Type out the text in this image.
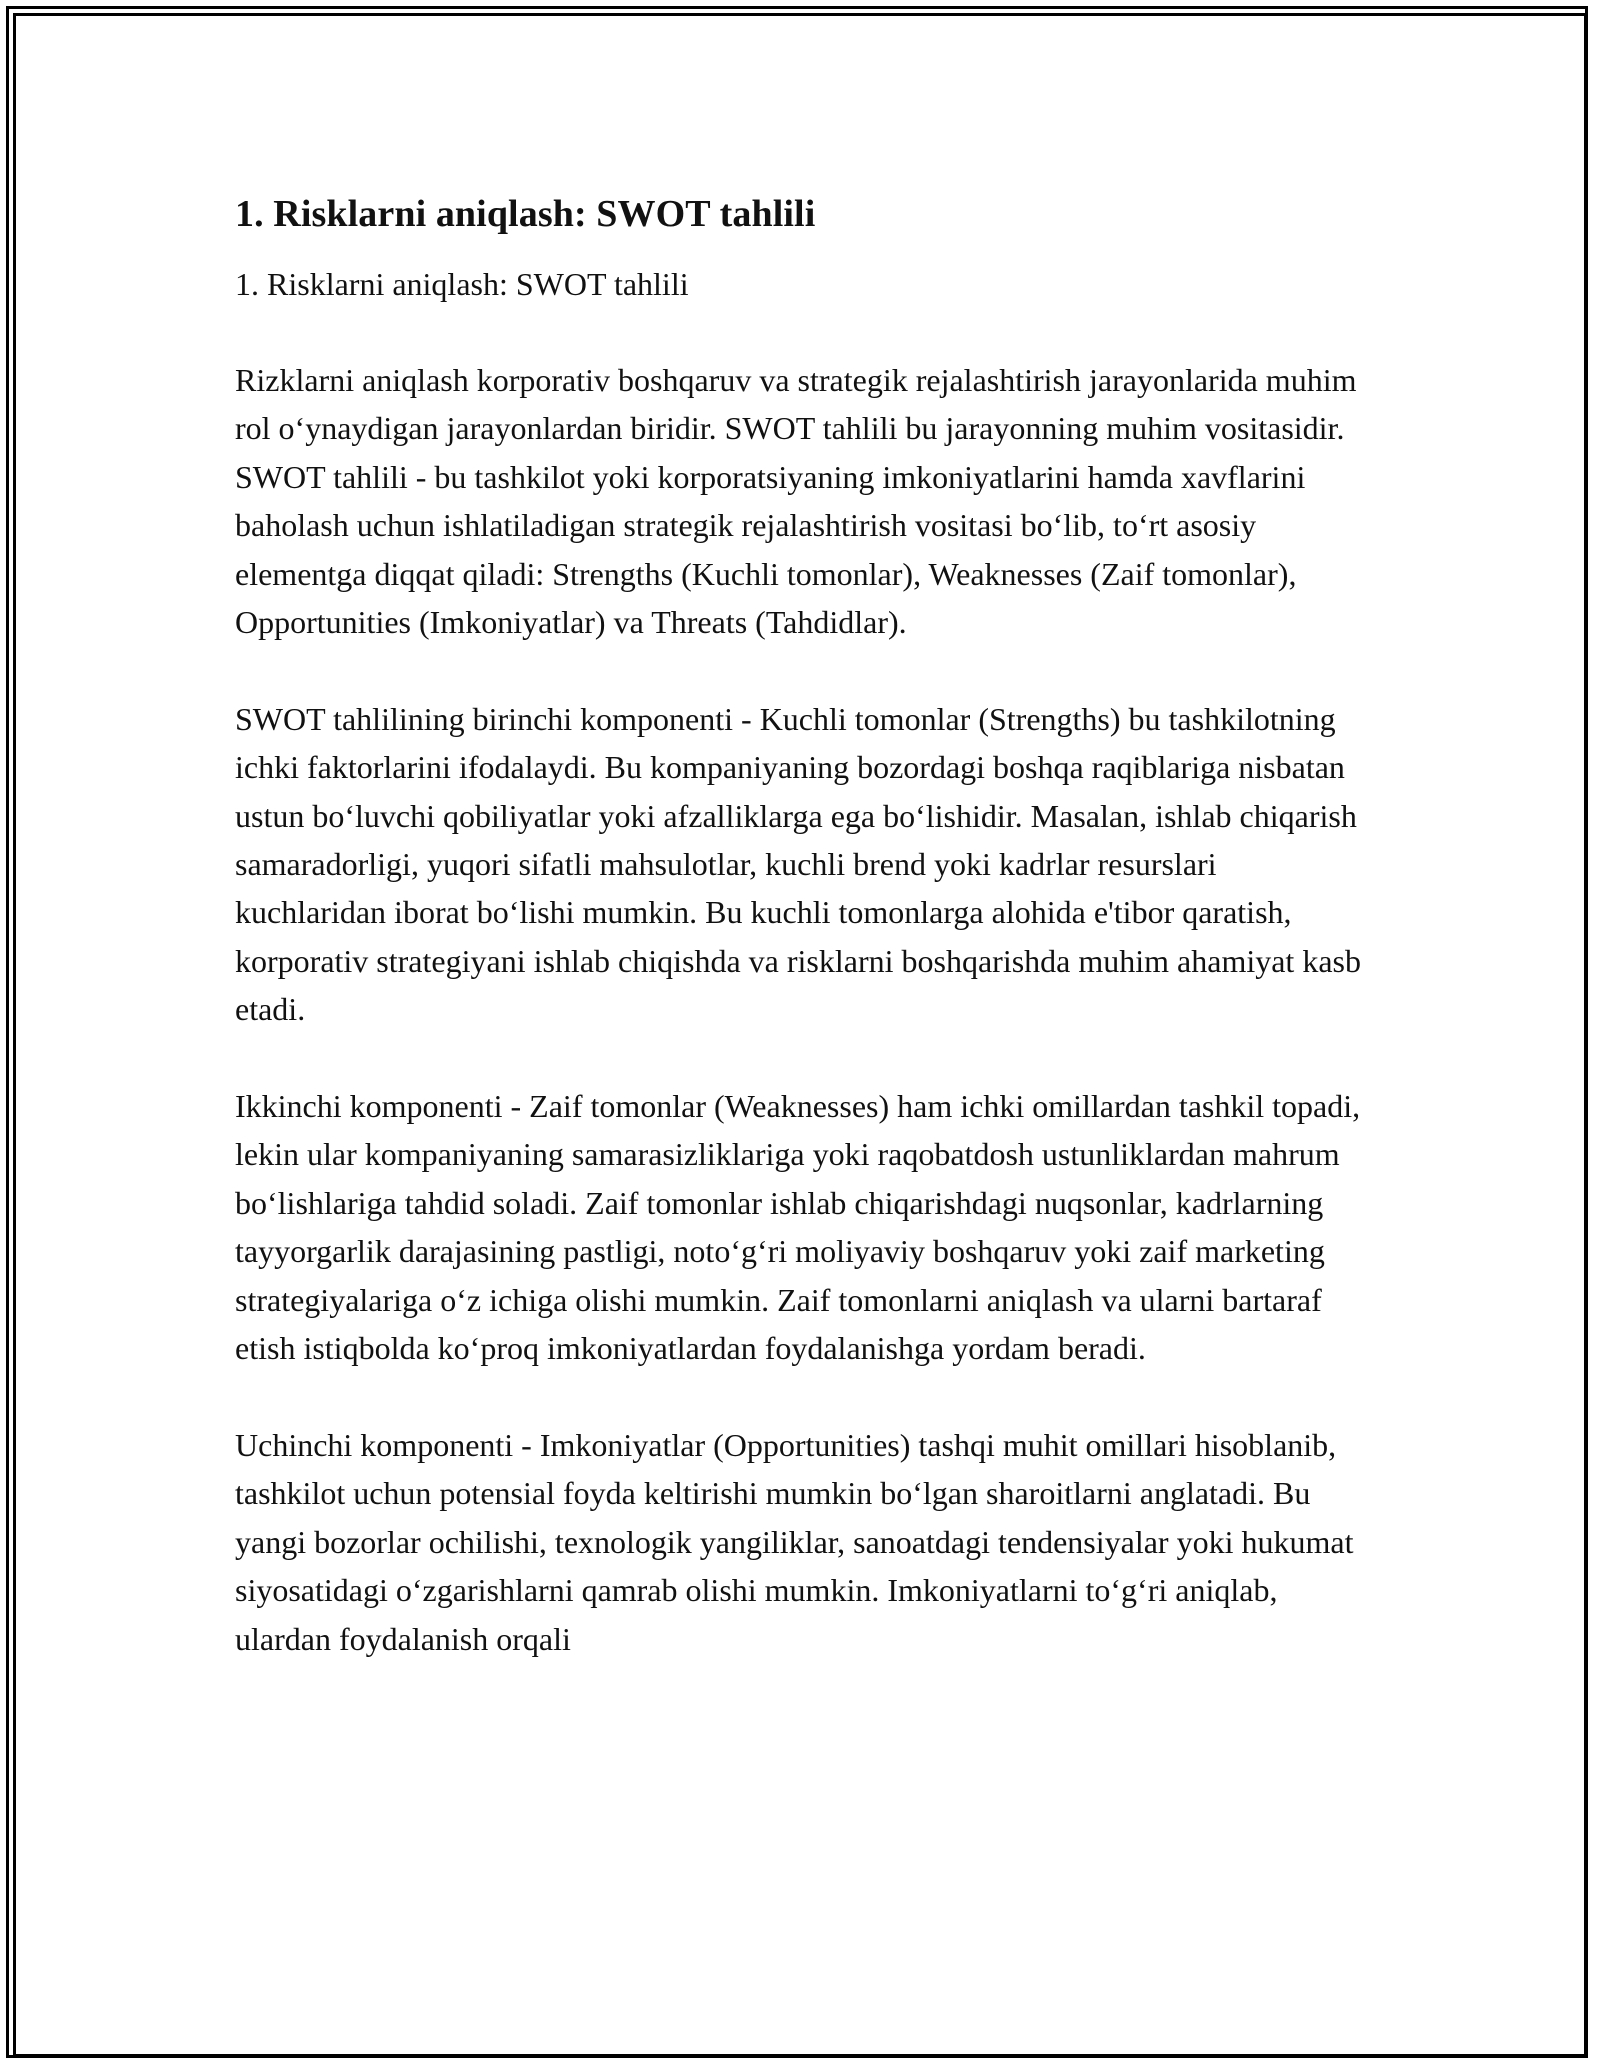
1. Risklarni aniqlash: SWOT tahlili

1. Risklarni aniqlash: SWOT tahlili

Rizklarni aniqlash korporativ boshqaruv va strategik rejalashtirish jarayonlarida muhim rol oʻynaydigan jarayonlardan biridir. SWOT tahlili bu jarayonning muhim vositasidir. SWOT tahlili - bu tashkilot yoki korporatsiyaning imkoniyatlarini hamda xavflarini baholash uchun ishlatiladigan strategik rejalashtirish vositasi boʻlib, toʻrt asosiy elementga diqqat qiladi: Strengths (Kuchli tomonlar), Weaknesses (Zaif tomonlar), Opportunities (Imkoniyatlar) va Threats (Tahdidlar).

SWOT tahlilining birinchi komponenti - Kuchli tomonlar (Strengths) bu tashkilotning ichki faktorlarini ifodalaydi. Bu kompaniyaning bozordagi boshqa raqiblariga nisbatan ustun boʻluvchi qobiliyatlar yoki afzalliklarga ega boʻlishidir. Masalan, ishlab chiqarish samaradorligi, yuqori sifatli mahsulotlar, kuchli brend yoki kadrlar resurslari kuchlaridan iborat boʻlishi mumkin. Bu kuchli tomonlarga alohida e'tibor qaratish, korporativ strategiyani ishlab chiqishda va risklarni boshqarishda muhim ahamiyat kasb etadi.

Ikkinchi komponenti - Zaif tomonlar (Weaknesses) ham ichki omillardan tashkil topadi, lekin ular kompaniyaning samarasizliklariga yoki raqobatdosh ustunliklardan mahrum boʻlishlariga tahdid soladi. Zaif tomonlar ishlab chiqarishdagi nuqsonlar, kadrlarning tayyorgarlik darajasining pastligi, notoʻgʻri moliyaviy boshqaruv yoki zaif marketing strategiyalariga oʻz ichiga olishi mumkin. Zaif tomonlarni aniqlash va ularni bartaraf etish istiqbolda koʻproq imkoniyatlardan foydalanishga yordam beradi.

Uchinchi komponenti - Imkoniyatlar (Opportunities) tashqi muhit omillari hisoblanib, tashkilot uchun potensial foyda keltirishi mumkin boʻlgan sharoitlarni anglatadi. Bu yangi bozorlar ochilishi, texnologik yangiliklar, sanoatdagi tendensiyalar yoki hukumat siyosatidagi oʻzgarishlarni qamrab olishi mumkin. Imkoniyatlarni toʻgʻri aniqlab, ulardan foydalanish orqali
